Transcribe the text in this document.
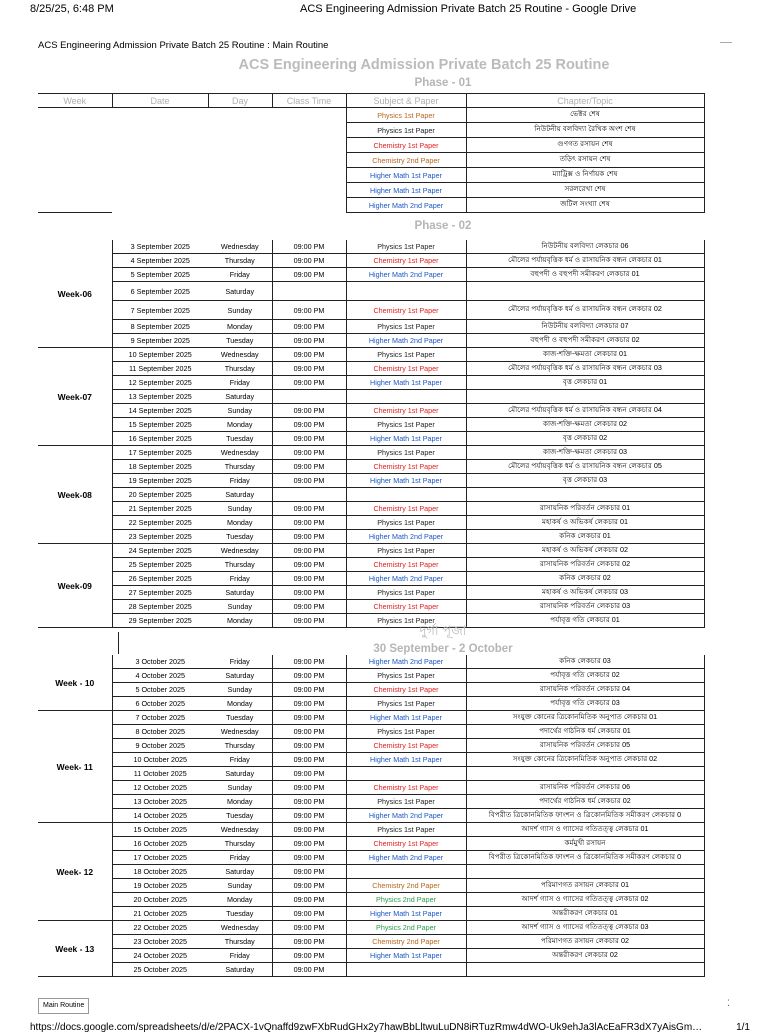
8/25/25, 6:48 PM	ACS Engineering Admission Private Batch 25 Routine - Google Drive
ACS Engineering Admission Private Batch 25 Routine : Main Routine
ACS Engineering Admission Private Batch 25 Routine
Phase - 01
Week	Date	Day	Class Time	Subject & Paper	Chapter/Topic
				Physics 1st Paper	ভেক্টর শেষ
				Physics 1st Paper	নিউটনীয় বলবিদ্যা রৈখিক অংশ শেষ
				Chemistry 1st Paper	গুণগত রসায়ন শেষ
				Chemistry 2nd Paper	তড়িৎ রসায়ন শেষ
				Higher Math 1st Paper	ম্যাট্রিক্স ও নির্ণায়ক শেষ
				Higher Math 1st Paper	সরলরেখা শেষ
				Higher Math 2nd Paper	জটিল সংখ্যা শেষ
Phase - 02
Week-06	3 September 2025	Wednesday	09:00 PM	Physics 1st Paper	নিউটনীয় বলবিদ্যা লেকচার 06
	4 September 2025	Thursday	09:00 PM	Chemistry 1st Paper	মৌলের পর্যায়বৃত্তিক ধর্ম ও রাসায়নিক বন্ধন লেকচার 01
	5 September 2025	Friday	09:00 PM	Higher Math 2nd Paper	বহুপদী ও বহুপদী সমীকরণ লেকচার 01
	6 September 2025	Saturday			
	7 September 2025	Sunday	09:00 PM	Chemistry 1st Paper	মৌলের পর্যায়বৃত্তিক ধর্ম ও রাসায়নিক বন্ধন লেকচার 02
	8 September 2025	Monday	09:00 PM	Physics 1st Paper	নিউটনীয় বলবিদ্যা লেকচার 07
	9 September 2025	Tuesday	09:00 PM	Higher Math 2nd Paper	বহুপদী ও বহুপদী সমীকরণ লেকচার 02
Week-07	10 September 2025	Wednesday	09:00 PM	Physics 1st Paper	কাজ-শক্তি-ক্ষমতা লেকচার 01
	11 September 2025	Thursday	09:00 PM	Chemistry 1st Paper	মৌলের পর্যায়বৃত্তিক ধর্ম ও রাসায়নিক বন্ধন লেকচার 03
	12 September 2025	Friday	09:00 PM	Higher Math 1st Paper	বৃত্ত লেকচার 01
	13 September 2025	Saturday			
	14 September 2025	Sunday	09:00 PM	Chemistry 1st Paper	মৌলের পর্যায়বৃত্তিক ধর্ম ও রাসায়নিক বন্ধন লেকচার 04
	15 September 2025	Monday	09:00 PM	Physics 1st Paper	কাজ-শক্তি-ক্ষমতা লেকচার 02
	16 September 2025	Tuesday	09:00 PM	Higher Math 1st Paper	বৃত্ত লেকচার 02
Week-08	17 September 2025	Wednesday	09:00 PM	Physics 1st Paper	কাজ-শক্তি-ক্ষমতা লেকচার 03
	18 September 2025	Thursday	09:00 PM	Chemistry 1st Paper	মৌলের পর্যায়বৃত্তিক ধর্ম ও রাসায়নিক বন্ধন লেকচার 05
	19 September 2025	Friday	09:00 PM	Higher Math 1st Paper	বৃত্ত লেকচার 03
	20 September 2025	Saturday			
	21 September 2025	Sunday	09:00 PM	Chemistry 1st Paper	রাসায়নিক পরিবর্তন লেকচার 01
	22 September 2025	Monday	09:00 PM	Physics 1st Paper	মহাকর্ষ ও অভিকর্ষ লেকচার 01
	23 September 2025	Tuesday	09:00 PM	Higher Math 2nd Paper	কনিক লেকচার 01
Week-09	24 September 2025	Wednesday	09:00 PM	Physics 1st Paper	মহাকর্ষ ও অভিকর্ষ লেকচার 02
	25 September 2025	Thursday	09:00 PM	Chemistry 1st Paper	রাসায়নিক পরিবর্তন লেকচার 02
	26 September 2025	Friday	09:00 PM	Higher Math 2nd Paper	কনিক লেকচার 02
	27 September 2025	Saturday	09:00 PM	Physics 1st Paper	মহাকর্ষ ও অভিকর্ষ লেকচার 03
	28 September 2025	Sunday	09:00 PM	Chemistry 1st Paper	রাসায়নিক পরিবর্তন লেকচার 03
	29 September 2025	Monday	09:00 PM	Physics 1st Paper	পর্যাবৃত্ত গতি লেকচার 01
দুর্গা পূজা
30 September - 2 October
Week - 10	3 October 2025	Friday	09:00 PM	Higher Math 2nd Paper	কনিক লেকচার 03
	4 October 2025	Saturday	09:00 PM	Physics 1st Paper	পর্যাবৃত্ত গতি লেকচার 02
	5 October 2025	Sunday	09:00 PM	Chemistry 1st Paper	রাসায়নিক পরিবর্তন লেকচার 04
	6 October 2025	Monday	09:00 PM	Physics 1st Paper	পর্যাবৃত্ত গতি লেকচার 03
Week- 11	7 October 2025	Tuesday	09:00 PM	Higher Math 1st Paper	সংযুক্ত কোনের ত্রিকোনমিতিক অনুপাত লেকচার 01
	8 October 2025	Wednesday	09:00 PM	Physics 1st Paper	পদার্থের গাঠনিক ধর্ম লেকচার 01
	9 October 2025	Thursday	09:00 PM	Chemistry 1st Paper	রাসায়নিক পরিবর্তন লেকচার 05
	10 October 2025	Friday	09:00 PM	Higher Math 1st Paper	সংযুক্ত কোনের ত্রিকোনমিতিক অনুপাত লেকচার 02
	11 October 2025	Saturday	09:00 PM		
	12 October 2025	Sunday	09:00 PM	Chemistry 1st Paper	রাসায়নিক পরিবর্তন লেকচার 06
	13 October 2025	Monday	09:00 PM	Physics 1st Paper	পদার্থের গাঠনিক ধর্ম লেকচার 02
	14 October 2025	Tuesday	09:00 PM	Higher Math 2nd Paper	বিপরীত ত্রিকোনমিতিক ফাংশন ও ত্রিকোনমিতিক সমীকরণ লেকচার 0
Week- 12	15 October 2025	Wednesday	09:00 PM	Physics 1st Paper	আদর্শ গ্যাস ও গ্যাসের গতিতত্ত্ব লেকচার 01
	16 October 2025	Thursday	09:00 PM	Chemistry 1st Paper	কর্মমুখী রসায়ন
	17 October 2025	Friday	09:00 PM	Higher Math 2nd Paper	বিপরীত ত্রিকোনমিতিক ফাংশন ও ত্রিকোনমিতিক সমীকরণ লেকচার 0
	18 October 2025	Saturday	09:00 PM		
	19 October 2025	Sunday	09:00 PM	Chemistry 2nd Paper	পরিমাণগত রসায়ন লেকচার 01
	20 October 2025	Monday	09:00 PM	Physics 2nd Paper	আদর্শ গ্যাস ও গ্যাসের গতিতত্ত্ব লেকচার 02
	21 October 2025	Tuesday	09:00 PM	Higher Math 1st Paper	অন্তরীকরণ লেকচার 01
Week - 13	22 October 2025	Wednesday	09:00 PM	Physics 2nd Paper	আদর্শ গ্যাস ও গ্যাসের গতিতত্ত্ব লেকচার 03
	23 October 2025	Thursday	09:00 PM	Chemistry 2nd Paper	পরিমাণগত রসায়ন লেকচার 02
	24 October 2025	Friday	09:00 PM	Higher Math 1st Paper	অন্তরীকরণ লেকচার 02
	25 October 2025	Saturday	09:00 PM		
Main Routine	⁚
https://docs.google.com/spreadsheets/d/e/2PACX-1vQnaffd9zwFXbRudGHx2y7hawBbLltwuLuDN8iRTuzRmw4dWO-Uk9ehJa3lAcEaFR3dX7yAisGm…	1/1
